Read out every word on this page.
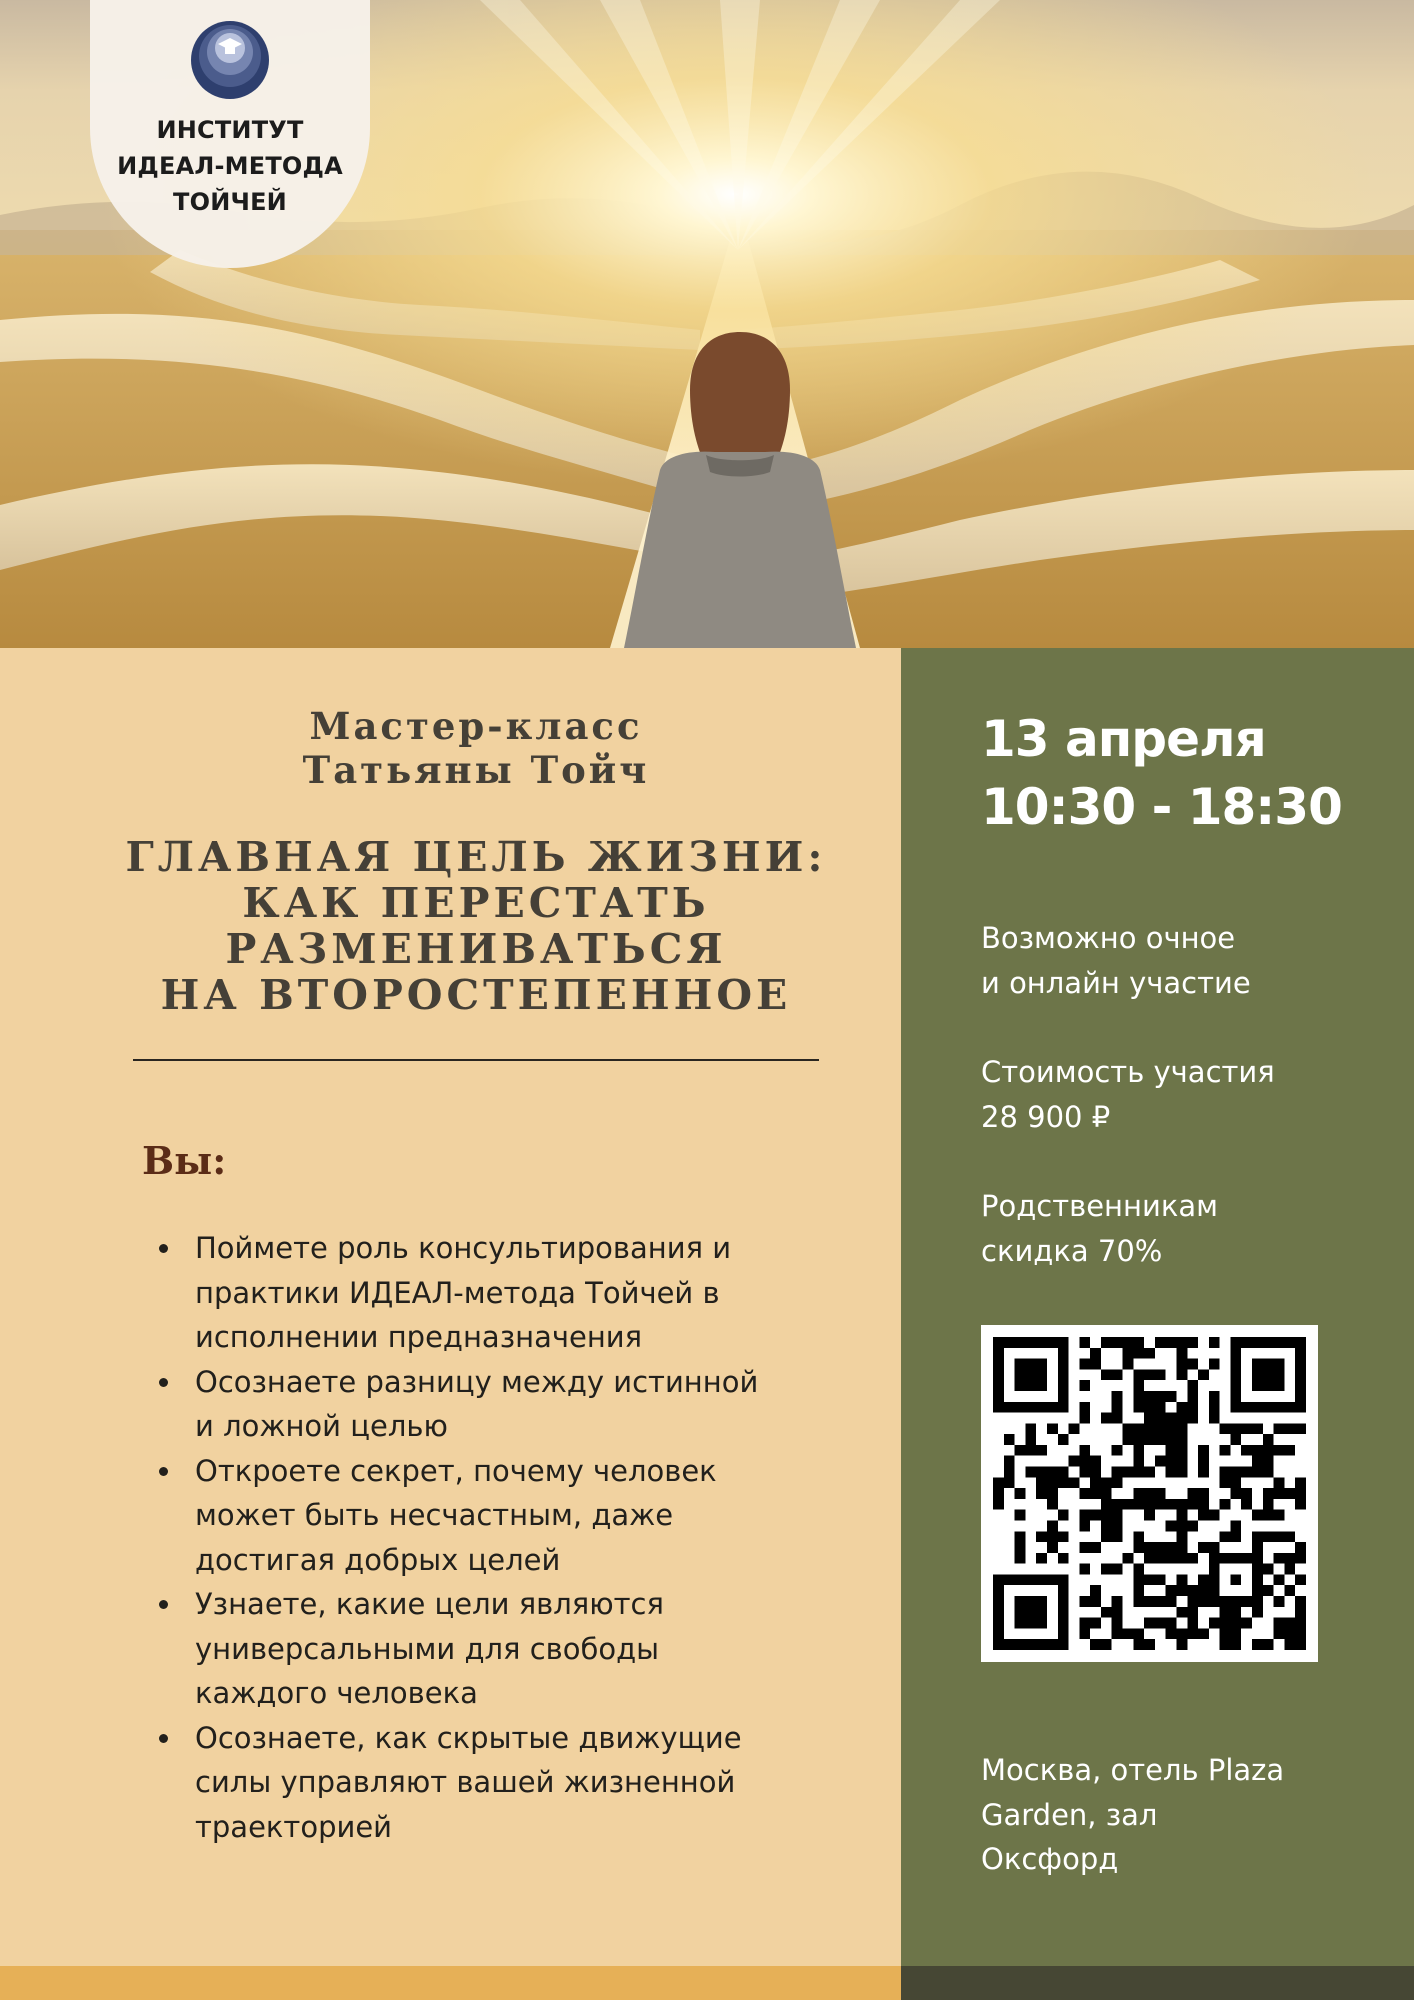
ИНСТИТУТ
ИДЕАЛ-МЕТОДА
ТОЙЧЕЙ
Мастер-класс
Татьяны Тойч
ГЛАВНАЯ ЦЕЛЬ ЖИЗНИ:
КАК ПЕРЕСТАТЬ
РАЗМЕНИВАТЬСЯ
НА ВТОРОСТЕПЕННОЕ
Вы:
Поймете роль консультирования и
практики ИДЕАЛ-метода Тойчей в
исполнении предназначения
Осознаете разницу между истинной
и ложной целью
Откроете секрет, почему человек
может быть несчастным, даже
достигая добрых целей
Узнаете, какие цели являются
универсальными для свободы
каждого человека
Осознаете, как скрытые движущие
силы управляют вашей жизненной
траекторией
13 апреля
10:30 - 18:30
Возможно очное
и онлайн участие
Стоимость участия
28 900 ₽
Родственникам
скидка 70%
Москва, отель Plaza
Garden, зал
Оксфорд
